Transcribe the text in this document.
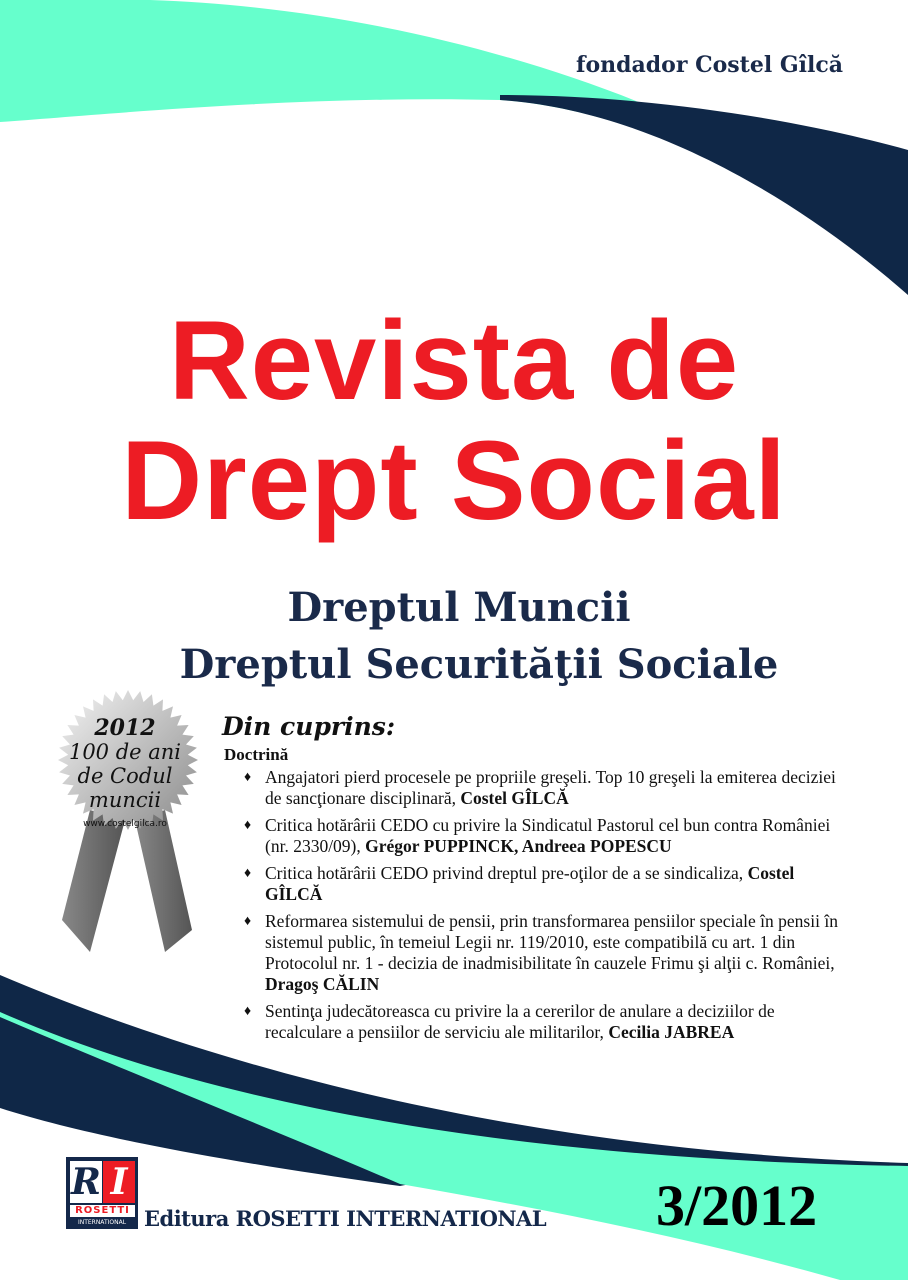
fondador Costel Gîlcă
Revista de
Drept Social
Dreptul Muncii
Dreptul Securităţii Sociale
2012
100 de ani
de Codul
muncii
www.costelgilca.ro
Din cuprins:
Doctrină
♦ Angajatori pierd procesele pe propriile greşeli. Top 10 greşeli la emiterea deciziei de sancţionare disciplinară, Costel GÎLCĂ
♦ Critica hotărârii CEDO cu privire la Sindicatul Pastorul cel bun contra României (nr. 2330/09), Grégor PUPPINCK, Andreea POPESCU
♦ Critica hotărârii CEDO privind dreptul pre-oţilor de a se sindicaliza, Costel GÎLCĂ
♦ Reformarea sistemului de pensii, prin transformarea pensiilor speciale în pensii în sistemul public, în temeiul Legii nr. 119/2010, este compatibilă cu art. 1 din Protocolul nr. 1 - decizia de inadmisibilitate în cauzele Frimu şi alţii c. României, Dragoş CĂLIN
♦ Sentinţa judecătoreasca cu privire la a cererilor de anulare a deciziilor de recalculare a pensiilor de serviciu ale militarilor, Cecilia JABREA
R I
ROSETTI
INTERNATIONAL Editura ROSETTI INTERNATIONAL 3/2012
